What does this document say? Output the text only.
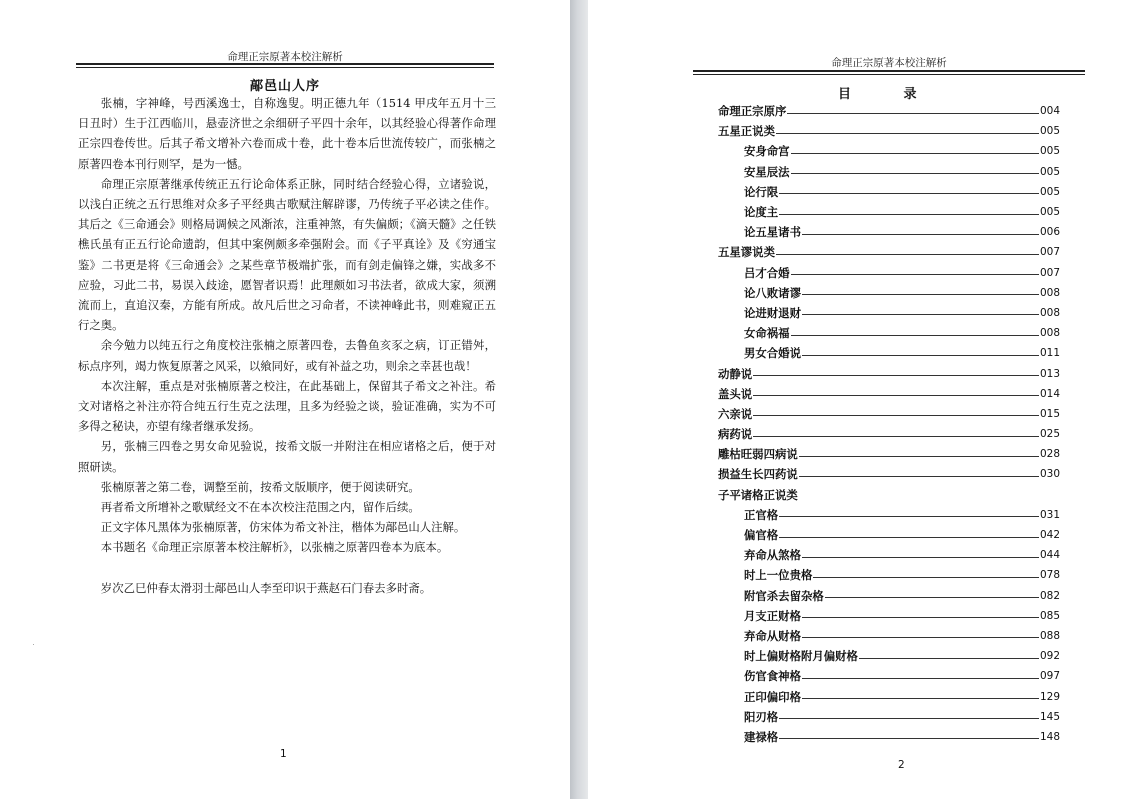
命理正宗原著本校注解析
鄗邑山人序

张楠，字神峰，号西溪逸士，自称逸叟。明正德九年（1514 甲戌年五月十三日丑时）生于江西临川，悬壶济世之余细研子平四十余年，以其经验心得著作命理正宗四卷传世。后其子希文增补六卷而成十卷，此十卷本后世流传较广，而张楠之原著四卷本刊行则罕，是为一憾。

命理正宗原著继承传统正五行论命体系正脉，同时结合经验心得，立诸验说，以浅白正统之五行思维对众多子平经典古歌赋注解辟谬，乃传统子平必读之佳作。其后之《三命通会》则格局调候之风渐浓，注重神煞，有失偏颇；《滴天髓》之任铁樵氏虽有正五行论命遗韵，但其中案例颇多牵强附会。而《子平真诠》及《穷通宝鉴》二书更是将《三命通会》之某些章节极端扩张，而有剑走偏锋之嫌，实战多不应验，习此二书，易误入歧途，愿智者识焉！此理颇如习书法者，欲成大家，须溯流而上，直追汉秦，方能有所成。故凡后世之习命者，不读神峰此书，则难窥正五行之奥。

余今勉力以纯五行之角度校注张楠之原著四卷，去鲁鱼亥豕之病，订正错舛，标点序列，竭力恢复原著之风采，以飨同好，或有补益之功，则余之幸甚也哉！

本次注解，重点是对张楠原著之校注，在此基础上，保留其子希文之补注。希文对诸格之补注亦符合纯五行生克之法理，且多为经验之谈，验证准确，实为不可多得之秘诀，亦望有缘者继承发扬。

另，张楠三四卷之男女命见验说，按希文版一并附注在相应诸格之后，便于对照研读。

张楠原著之第二卷，调整至前，按希文版顺序，便于阅读研究。

再者希文所增补之歌赋经文不在本次校注范围之内，留作后续。

正文字体凡黑体为张楠原著，仿宋体为希文补注，楷体为鄗邑山人注解。

本书题名《命理正宗原著本校注解析》，以张楠之原著四卷本为底本。

岁次乙巳仲春太滑羽士鄗邑山人李至印识于燕赵石门春去多时斋。

1
命理正宗原著本校注解析
目 录
命理正宗原序	004
五星正说类	005
安身命宫	005
安星辰法	005
论行限	005
论度主	005
论五星诸书	006
五星谬说类	007
吕才合婚	007
论八败诸谬	008
论进财退财	008
女命祸福	008
男女合婚说	011
动静说	013
盖头说	014
六亲说	015
病药说	025
雕枯旺弱四病说	028
损益生长四药说	030
子平诸格正说类
正官格	031
偏官格	042
弃命从煞格	044
时上一位贵格	078
附官杀去留杂格	082
月支正财格	085
弃命从财格	088
时上偏财格附月偏财格	092
伤官食神格	097
正印偏印格	129
阳刃格	145
建禄格	148
2
